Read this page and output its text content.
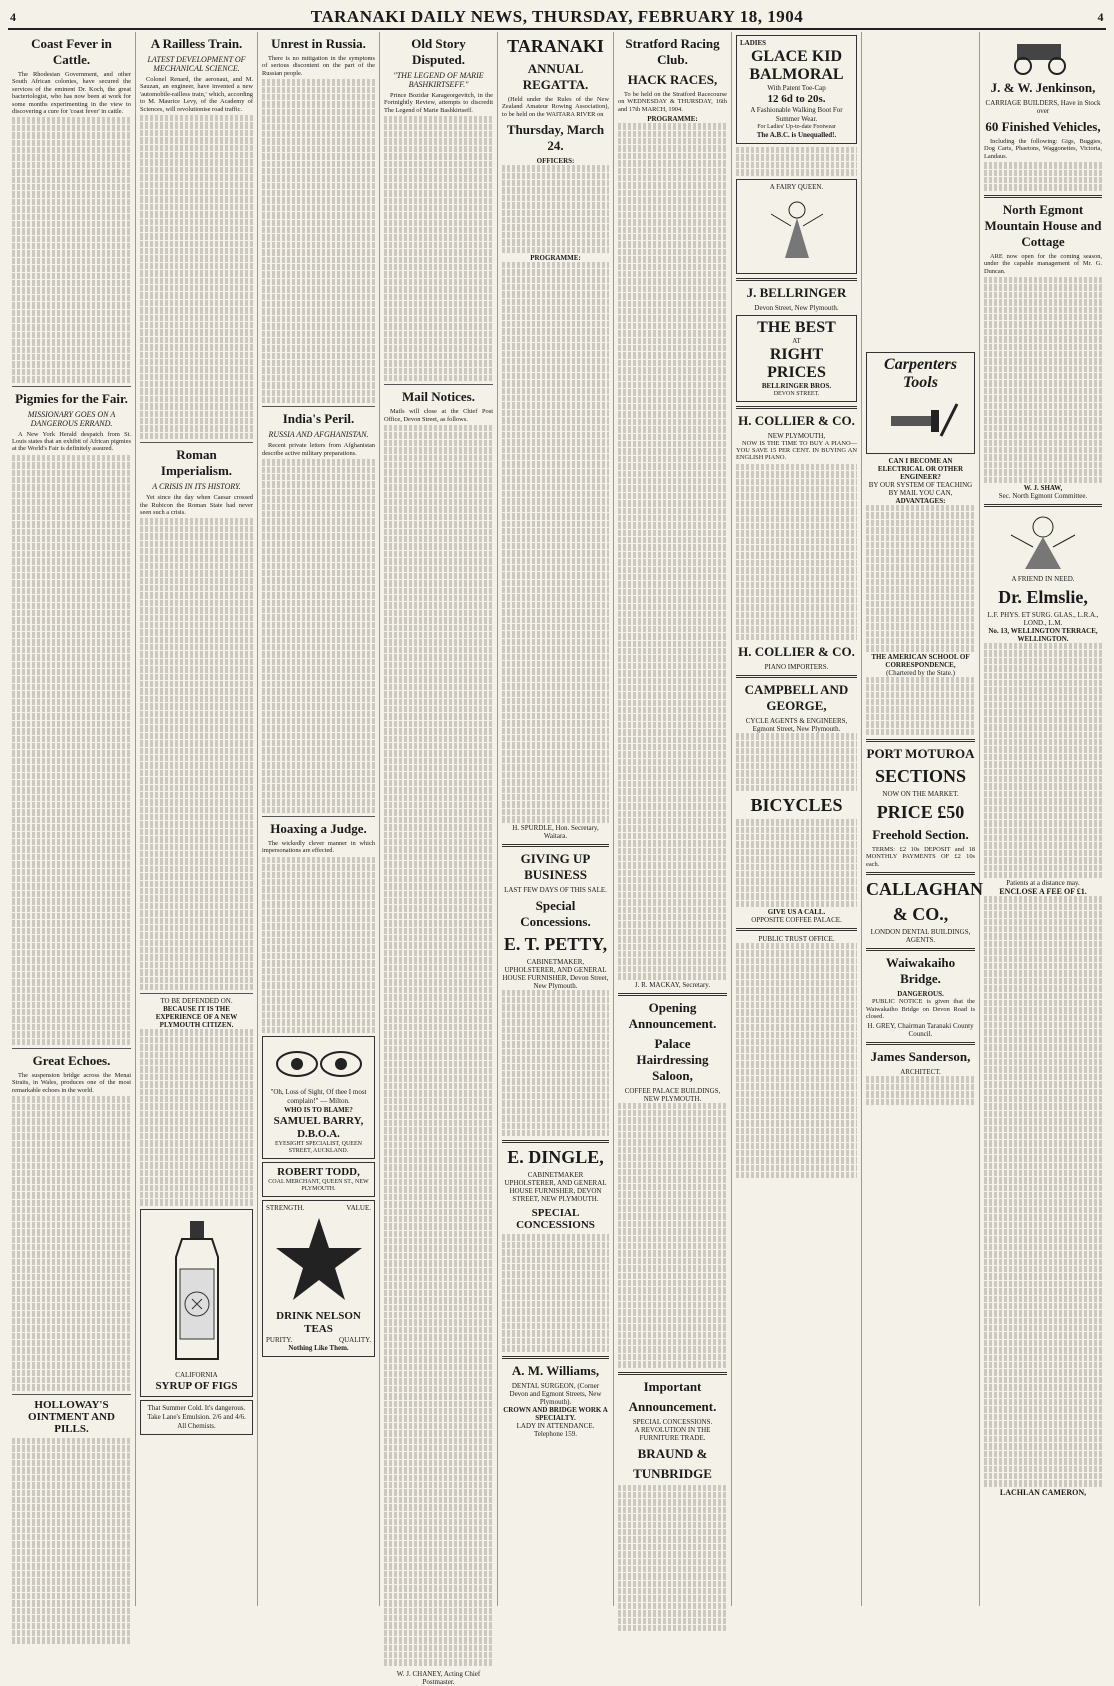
4	TARANAKI DAILY NEWS, THURSDAY, FEBRUARY 18, 1904	4
Coast Fever in Cattle.

The Rhodesian Government, and other South African colonies, have secured the services of the eminent Dr. Koch, the great bacteriologist, who has now been at work for some months experimenting in the view to discovering a cure for 'coast fever' in cattle.

Pigmies for the Fair.
MISSIONARY GOES ON A DANGEROUS ERRAND.

A New York Herald despatch from St. Louis states that an exhibit of African pigmies at the World's Fair is definitely assured.

Great Echoes.

The suspension bridge across the Menai Straits, in Wales, produces one of the most remarkable echoes in the world.

HOLLOWAY'S OINTMENT AND PILLS.
A Railless Train.
LATEST DEVELOPMENT OF MECHANICAL SCIENCE.

Colonel Renard, the aeronaut, and M. Sauzan, an engineer, have invented a new 'automobile-railless train,' which, according to M. Maurice Levy, of the Academy of Sciences, will revolutionise road traffic.

Roman Imperialism.
A CRISIS IN ITS HISTORY.

Yet since the day when Caesar crossed the Rubicon the Roman State had never seen such a crisis.

TO BE DEFENDED ON.
BECAUSE IT IS THE EXPERIENCE OF A NEW PLYMOUTH CITIZEN.
CALIFORNIA
SYRUP OF FIGS
That Summer Cold. It's dangerous. Take Lane's Emulsion. 2/6 and 4/6. All Chemists.
Unrest in Russia.

There is no mitigation in the symptoms of serious discontent on the part of the Russian people.

India's Peril.
RUSSIA AND AFGHANISTAN.

Recent private letters from Afghanistan describe active military preparations.

Hoaxing a Judge.

The wickedly clever manner in which impersonations are effected.

"Oh, Loss of Sight, Of thee I most complain!" — Milton.
WHO IS TO BLAME?
SAMUEL BARRY, D.B.O.A.
EYESIGHT SPECIALIST, QUEEN STREET, AUCKLAND.
ROBERT TODD,
COAL MERCHANT, QUEEN ST., NEW PLYMOUTH.
STRENGTH.	VALUE.
DRINK NELSON TEAS
PURITY.	QUALITY.
Nothing Like Them.
Old Story Disputed.
"THE LEGEND OF MARIE BASHKIRTSEFF."

Prince Bozidar Karageorgevitch, in the Fortnightly Review, attempts to discredit The Legend of Marie Bashkirtseff.

Mail Notices.

Mails will close at the Chief Post Office, Devon Street, as follows.

W. J. CHANEY, Acting Chief Postmaster.
TARANAKI
ANNUAL REGATTA.

(Held under the Rules of the New Zealand Amateur Rowing Association), to be held on the WAITARA RIVER on

Thursday, March 24.
OFFICERS:
PROGRAMME:
H. SPURDLE, Hon. Secretary, Waitara.
GIVING UP BUSINESS
LAST FEW DAYS OF THIS SALE.
Special Concessions.
E. T. PETTY,
CABINETMAKER, UPHOLSTERER, AND GENERAL HOUSE FURNISHER, Devon Street, New Plymouth.
E. DINGLE,
CABINETMAKER UPHOLSTERER, AND GENERAL HOUSE FURNISHER, DEVON STREET, NEW PLYMOUTH.
SPECIAL CONCESSIONS
A. M. Williams,
DENTAL SURGEON, (Corner Devon and Egmont Streets, New Plymouth).
CROWN AND BRIDGE WORK A SPECIALTY.
LADY IN ATTENDANCE.
Telephone 159.
Stratford Racing Club.
HACK RACES,

To be held on the Stratford Racecourse on WEDNESDAY & THURSDAY, 16th and 17th MARCH, 1904.

PROGRAMME:
J. R. MACKAY, Secretary.
Opening Announcement.
Palace Hairdressing Saloon,
COFFEE PALACE BUILDINGS, NEW PLYMOUTH.
Important
Announcement.
SPECIAL CONCESSIONS.
A REVOLUTION IN THE FURNITURE TRADE.
BRAUND &
TUNBRIDGE
LADIES
GLACE KID
BALMORAL
With Patent Toe-Cap
12 6d to 20s.
A Fashionable Walking Boot For Summer Wear.
For Ladies' Up-to-date Footwear
The A.B.C. is Unequalled!.
A FAIRY QUEEN.
J. BELLRINGER
Devon Street, New Plymouth.
THE BEST
AT
RIGHT PRICES
BELLRINGER BROS.
DEVON STREET.
H. COLLIER & CO.
NEW PLYMOUTH,

NOW IS THE TIME TO BUY A PIANO—YOU SAVE 15 PER CENT. IN BUYING AN ENGLISH PIANO.

H. COLLIER & CO.
PIANO IMPORTERS.
CAMPBELL AND GEORGE,
CYCLE AGENTS & ENGINEERS, Egmont Street, New Plymouth.
BICYCLES
GIVE US A CALL.
OPPOSITE COFFEE PALACE.
PUBLIC TRUST OFFICE.
Carpenters Tools
CAN I BECOME AN ELECTRICAL OR OTHER ENGINEER?
BY OUR SYSTEM OF TEACHING BY MAIL YOU CAN,
ADVANTAGES:
THE AMERICAN SCHOOL OF CORRESPONDENCE,
(Chartered by the State.)
PORT MOTUROA
SECTIONS
NOW ON THE MARKET.
PRICE £50
Freehold Section.

TERMS: £2 10s DEPOSIT and 18 MONTHLY PAYMENTS OF £2 10s each.

CALLAGHAN
& CO.,
LONDON DENTAL BUILDINGS, AGENTS.
Waiwakaiho Bridge.
DANGEROUS.

PUBLIC NOTICE is given that the Waiwakaiho Bridge on Devon Road is closed.

H. GREY, Chairman Taranaki County Council.
James Sanderson,
ARCHITECT.
J. & W. Jenkinson,
CARRIAGE BUILDERS, Have in Stock over
60 Finished Vehicles,

Including the following: Gigs, Buggies, Dog Carts, Phaetons, Waggonettes, Victoria, Landaus.

North Egmont Mountain House and Cottage

ARE now open for the coming season, under the capable management of Mr. G. Duncan.

W. J. SHAW,
Sec. North Egmont Committee.
A FRIEND IN NEED.
Dr. Elmslie,
L.F. PHYS. ET SURG. GLAS., L.R.A., LOND., L.M.
No. 13, WELLINGTON TERRACE, WELLINGTON.
Patients at a distance may.
ENCLOSE A FEE OF £1.
LACHLAN CAMERON,
